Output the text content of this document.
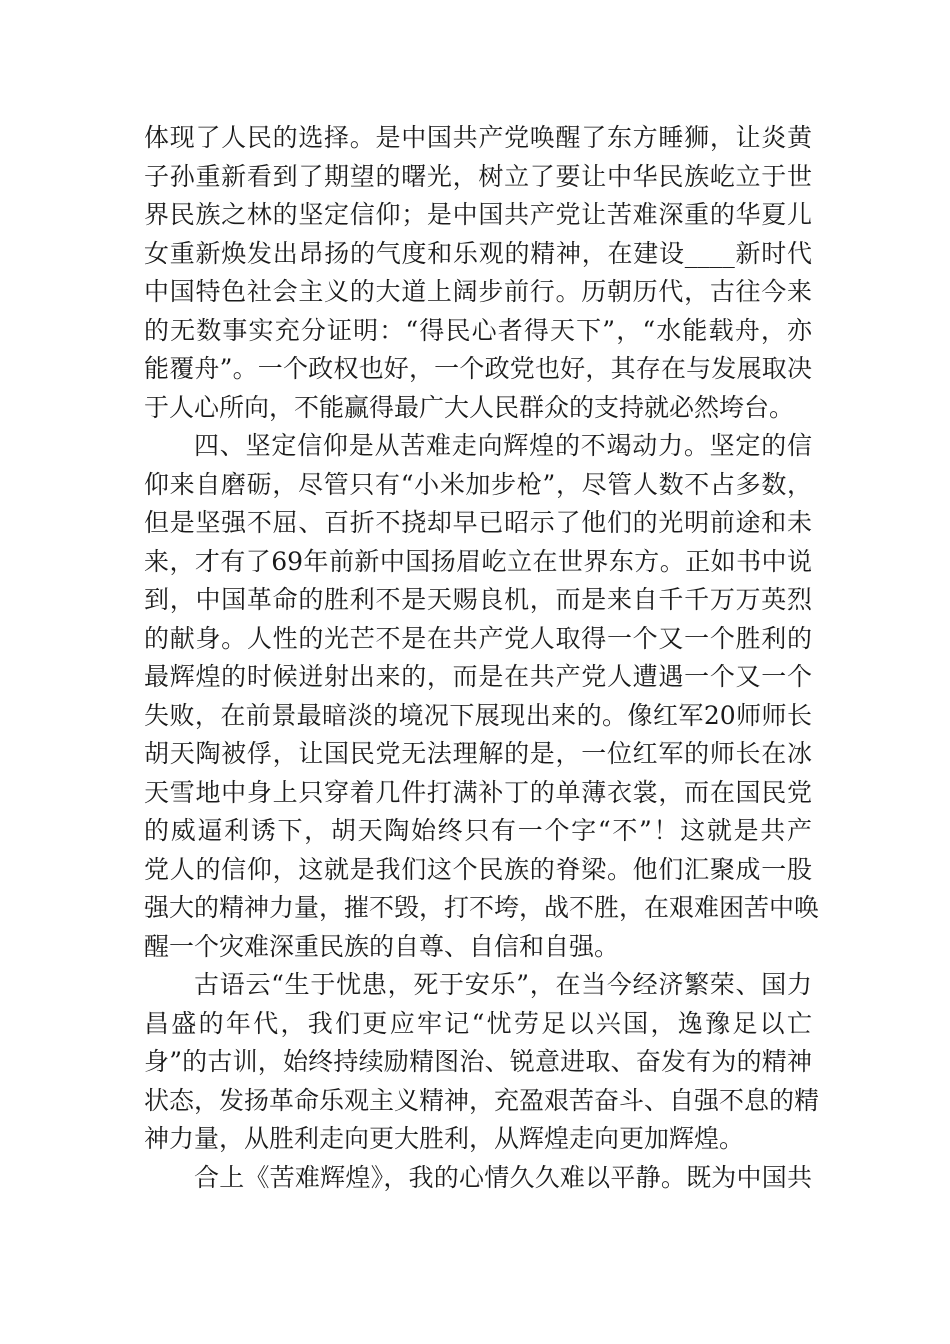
体现了人民的选择。是中国共产党唤醒了东方睡狮，让炎黄
子孙重新看到了期望的曙光，树立了要让中华民族屹立于世
界民族之林的坚定信仰；是中国共产党让苦难深重的华夏儿
女重新焕发出昂扬的气度和乐观的精神，在建设____新时代
中国特色社会主义的大道上阔步前行。历朝历代，古往今来
的无数事实充分证明：“得民心者得天下”，“水能载舟，亦
能覆舟”。一个政权也好，一个政党也好，其存在与发展取决
于人心所向，不能赢得最广大人民群众的支持就必然垮台。
四、坚定信仰是从苦难走向辉煌的不竭动力。坚定的信
仰来自磨砺，尽管只有“小米加步枪”，尽管人数不占多数，
但是坚强不屈、百折不挠却早已昭示了他们的光明前途和未
来，才有了69年前新中国扬眉屹立在世界东方。正如书中说
到，中国革命的胜利不是天赐良机，而是来自千千万万英烈
的献身。人性的光芒不是在共产党人取得一个又一个胜利的
最辉煌的时候迸射出来的，而是在共产党人遭遇一个又一个
失败，在前景最暗淡的境况下展现出来的。像红军20师师长
胡天陶被俘，让国民党无法理解的是，一位红军的师长在冰
天雪地中身上只穿着几件打满补丁的单薄衣裳，而在国民党
的威逼利诱下，胡天陶始终只有一个字“不”！这就是共产
党人的信仰，这就是我们这个民族的脊梁。他们汇聚成一股
强大的精神力量，摧不毁，打不垮，战不胜，在艰难困苦中唤
醒一个灾难深重民族的自尊、自信和自强。
古语云“生于忧患，死于安乐”，在当今经济繁荣、国力
昌盛的年代，我们更应牢记“忧劳足以兴国，逸豫足以亡
身”的古训，始终持续励精图治、锐意进取、奋发有为的精神
状态，发扬革命乐观主义精神，充盈艰苦奋斗、自强不息的精
神力量，从胜利走向更大胜利，从辉煌走向更加辉煌。
合上《苦难辉煌》，我的心情久久难以平静。既为中国共
